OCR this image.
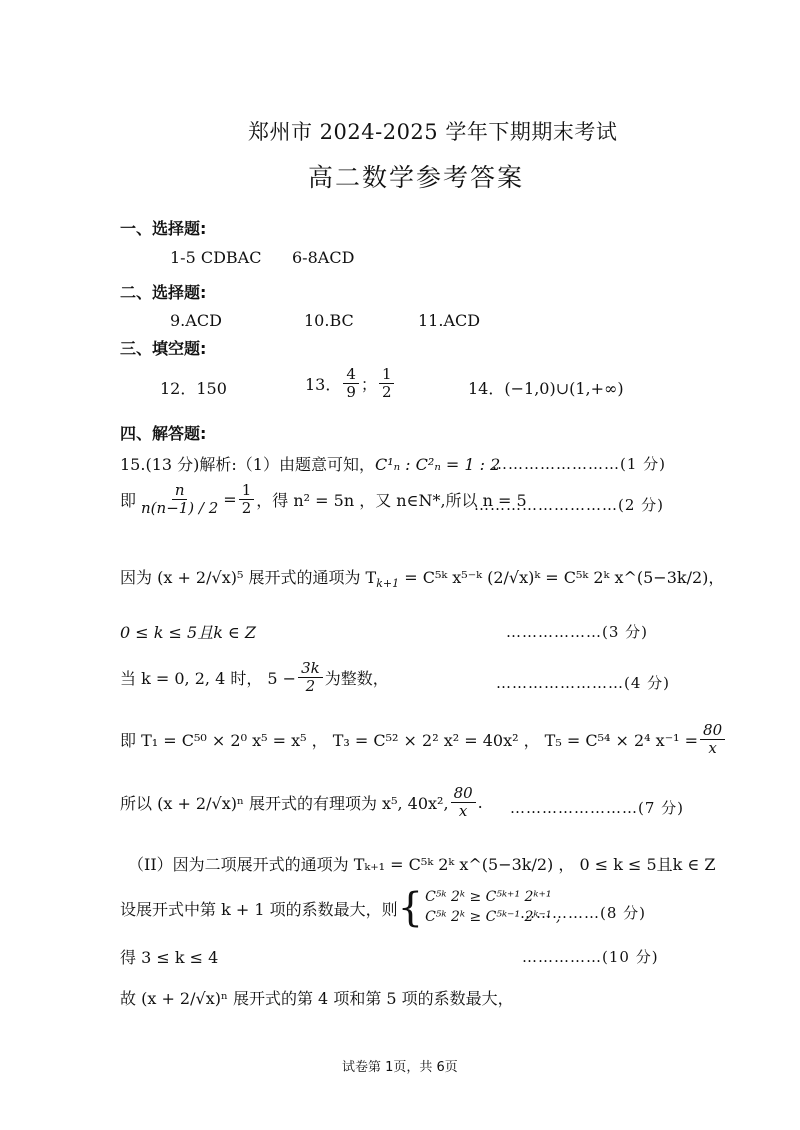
郑州市 2024-2025 学年下期期末考试
高二数学参考答案
一、选择题:
1-5 CDBAC 6-8ACD
二、选择题:
9.ACD	10.BC	11.ACD
三、填空题:
12．150	13． $\frac{4}{9}$ ； $\frac{1}{2}$	14．(−1,0)∪(1,+∞)
四、解答题:
15.(13 分)解析:（1）由题意可知，C¹ₙ : C²ₙ = 1 : 2
……………………(1 分)
即 $\frac{n}{n(n-1) / 2} = \frac{1}{2}$ ，得 n² = 5n ，又 n∈N*,所以 n = 5
………………………(2 分)
因为 (x + 2/√x)⁵ 展开式的通项为 $T_{k+1}$ = C⁵ᵏ x⁵⁻ᵏ (2/√x)ᵏ = C⁵ᵏ 2ᵏ x^(5−3k/2)，
0 ≤ k ≤ 5且k ∈ Z	………………(3 分)
当 k = 0, 2, 4 时， $5 - \frac{3k}{2}$ 为整数，	……………………(4 分)
即 T₁ = C⁵⁰ × 2⁰ x⁵ = x⁵ ， T₃ = C⁵² × 2² x² = 40x² ， T₅ = C⁵⁴ × 2⁴ $x^{-1} = \frac{80}{x}$
所以 (x + 2/√x)ⁿ 展开式的有理项为 x⁵, 40x², $\frac{80}{x}$ . ……………………(7 分)
（II）因为二项展开式的通项为 Tₖ₊₁ = C⁵ᵏ 2ᵏ x^(5−3k/2) ， 0 ≤ k ≤ 5且k ∈ Z
设展开式中第 k + 1 项的系数最大，则 { C⁵ᵏ 2ᵏ ≥ C⁵ᵏ⁺¹ 2ᵏ⁺¹
C⁵ᵏ 2ᵏ ≥ C⁵ᵏ⁻¹ 2ᵏ⁻¹ ,
……………(8 分)
得 3 ≤ k ≤ 4	……………(10 分)
故 (x + 2/√x)ⁿ 展开式的第 4 项和第 5 项的系数最大，
试卷第 1页，共 6页
